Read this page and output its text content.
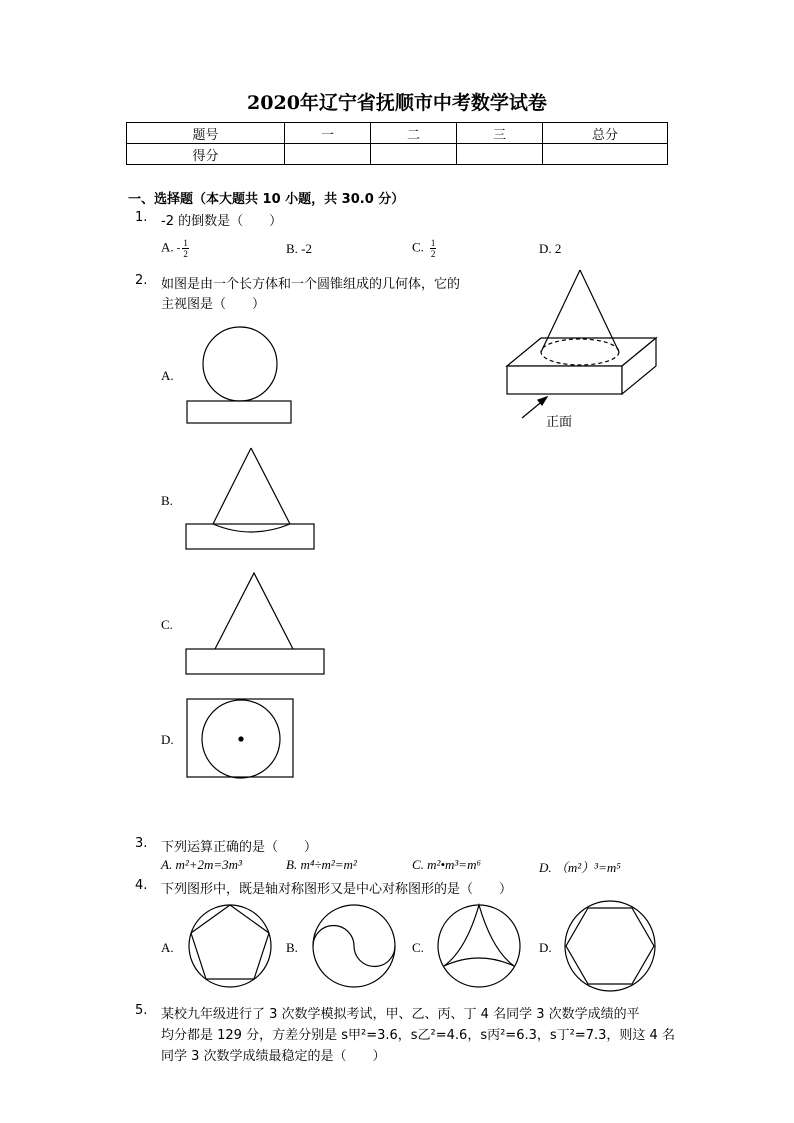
2020年辽宁省抚顺市中考数学试卷
题号	一	二	三	总分
得分				
一、选择题（本大题共 10 小题，共 30.0 分）
1. -2 的倒数是（　　）
A. - $\frac{1}{2}$	B. -2	C. $\frac{1}{2}$	D. 2
2. 如图是由一个长方体和一个圆锥组成的几何体，它的
主视图是（　　）
A.
B.
C.
D.
正面
3. 下列运算正确的是（　　）
A. m²+2m=3m³	B. m⁴÷m²=m²	C. m²•m³=m⁶	D. （m²）³=m⁵
4. 下列图形中，既是轴对称图形又是中心对称图形的是（　　）
A.	B.	C.	D.
5. 某校九年级进行了 3 次数学模拟考试，甲、乙、丙、丁 4 名同学 3 次数学成绩的平
均分都是 129 分，方差分别是 s甲²=3.6，s乙²=4.6，s丙²=6.3，s丁²=7.3，则这 4 名
同学 3 次数学成绩最稳定的是（　　）
